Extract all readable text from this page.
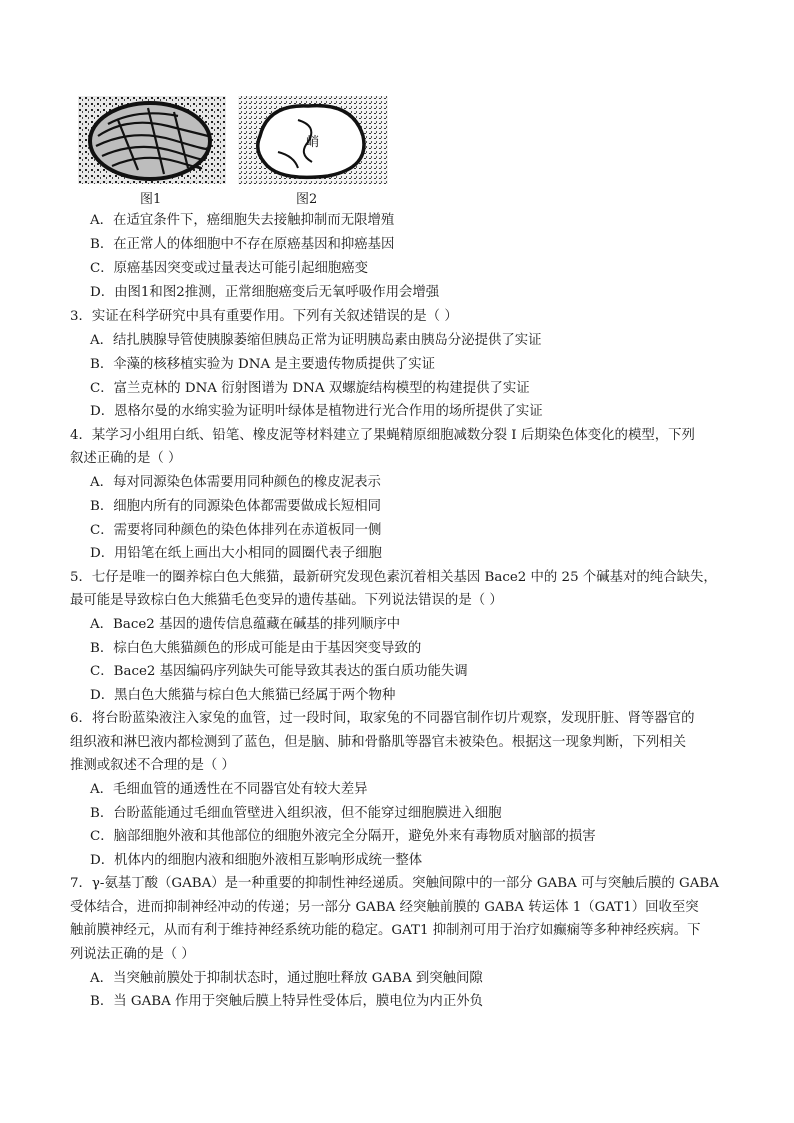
图1
峭
图2
A．在适宜条件下，癌细胞失去接触抑制而无限增殖
B．在正常人的体细胞中不存在原癌基因和抑癌基因
C．原癌基因突变或过量表达可能引起细胞癌变
D．由图1和图2推测，正常细胞癌变后无氧呼吸作用会增强
3．实证在科学研究中具有重要作用。下列有关叙述错误的是（ ）
A．结扎胰腺导管使胰腺萎缩但胰岛正常为证明胰岛素由胰岛分泌提供了实证
B．伞藻的核移植实验为 DNA 是主要遗传物质提供了实证
C．富兰克林的 DNA 衍射图谱为 DNA 双螺旋结构模型的构建提供了实证
D．恩格尔曼的水绵实验为证明叶绿体是植物进行光合作用的场所提供了实证
4．某学习小组用白纸、铅笔、橡皮泥等材料建立了果蝇精原细胞减数分裂 I 后期染色体变化的模型，下列
叙述正确的是（ ）
A．每对同源染色体需要用同种颜色的橡皮泥表示
B．细胞内所有的同源染色体都需要做成长短相同
C．需要将同种颜色的染色体排列在赤道板同一侧
D．用铅笔在纸上画出大小相同的圆圈代表子细胞
5．七仔是唯一的圈养棕白色大熊猫，最新研究发现色素沉着相关基因 Bace2 中的 25 个碱基对的纯合缺失，
最可能是导致棕白色大熊猫毛色变异的遗传基础。下列说法错误的是（ ）
A．Bace2 基因的遗传信息蕴藏在碱基的排列顺序中
B．棕白色大熊猫颜色的形成可能是由于基因突变导致的
C．Bace2 基因编码序列缺失可能导致其表达的蛋白质功能失调
D．黑白色大熊猫与棕白色大熊猫已经属于两个物种
6．将台盼蓝染液注入家兔的血管，过一段时间，取家兔的不同器官制作切片观察，发现肝脏、肾等器官的
组织液和淋巴液内都检测到了蓝色，但是脑、肺和骨骼肌等器官未被染色。根据这一现象判断，下列相关
推测或叙述不合理的是（ ）
A．毛细血管的通透性在不同器官处有较大差异
B．台盼蓝能通过毛细血管壁进入组织液，但不能穿过细胞膜进入细胞
C．脑部细胞外液和其他部位的细胞外液完全分隔开，避免外来有毒物质对脑部的损害
D．机体内的细胞内液和细胞外液相互影响形成统一整体
7．γ-氨基丁酸（GABA）是一种重要的抑制性神经递质。突触间隙中的一部分 GABA 可与突触后膜的 GABA
受体结合，进而抑制神经冲动的传递；另一部分 GABA 经突触前膜的 GABA 转运体 1（GAT1）回收至突
触前膜神经元，从而有利于维持神经系统功能的稳定。GAT1 抑制剂可用于治疗如癫痫等多种神经疾病。下
列说法正确的是（ ）
A．当突触前膜处于抑制状态时，通过胞吐释放 GABA 到突触间隙
B．当 GABA 作用于突触后膜上特异性受体后，膜电位为内正外负
